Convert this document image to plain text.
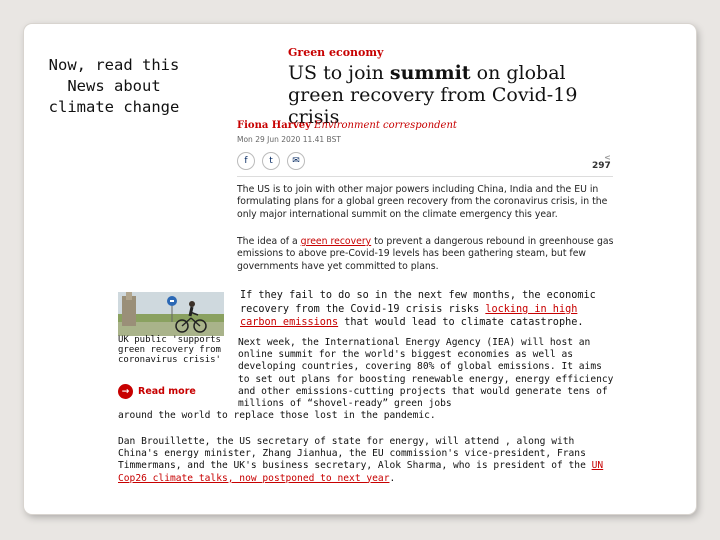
Now, read this
News about
climate change
Green economy
US to join summit on global green recovery from Covid-19 crisis
Fiona Harvey Environment correspondent
Mon 29 Jun 2020 11.41 BST
f	t	✉	<
297
The US is to join with other major powers including China, India and the EU in formulating plans for a global green recovery from the coronavirus crisis, in the only major international summit on the climate emergency this year.
The idea of a green recovery to prevent a dangerous rebound in greenhouse gas emissions to above pre-Covid-19 levels has been gathering steam, but few governments have yet committed to plans.
UK public 'supports green recovery from coronavirus crisis'
→ Read more
If they fail to do so in the next few months, the economic recovery from the Covid-19 crisis risks locking in high carbon emissions that would lead to climate catastrophe.
Next week, the International Energy Agency (IEA) will host an online summit for the world's biggest economies as well as developing countries, covering 80% of global emissions. It aims to set out plans for boosting renewable energy, energy efficiency and other emissions-cutting projects that would generate tens of millions of “shovel-ready” green jobs
around the world to replace those lost in the pandemic.
Dan Brouillette, the US secretary of state for energy, will attend , along with China's energy minister, Zhang Jianhua, the EU commission's vice-president, Frans Timmermans, and the UK's business secretary, Alok Sharma, who is president of the UN Cop26 climate talks, now postponed to next year.
